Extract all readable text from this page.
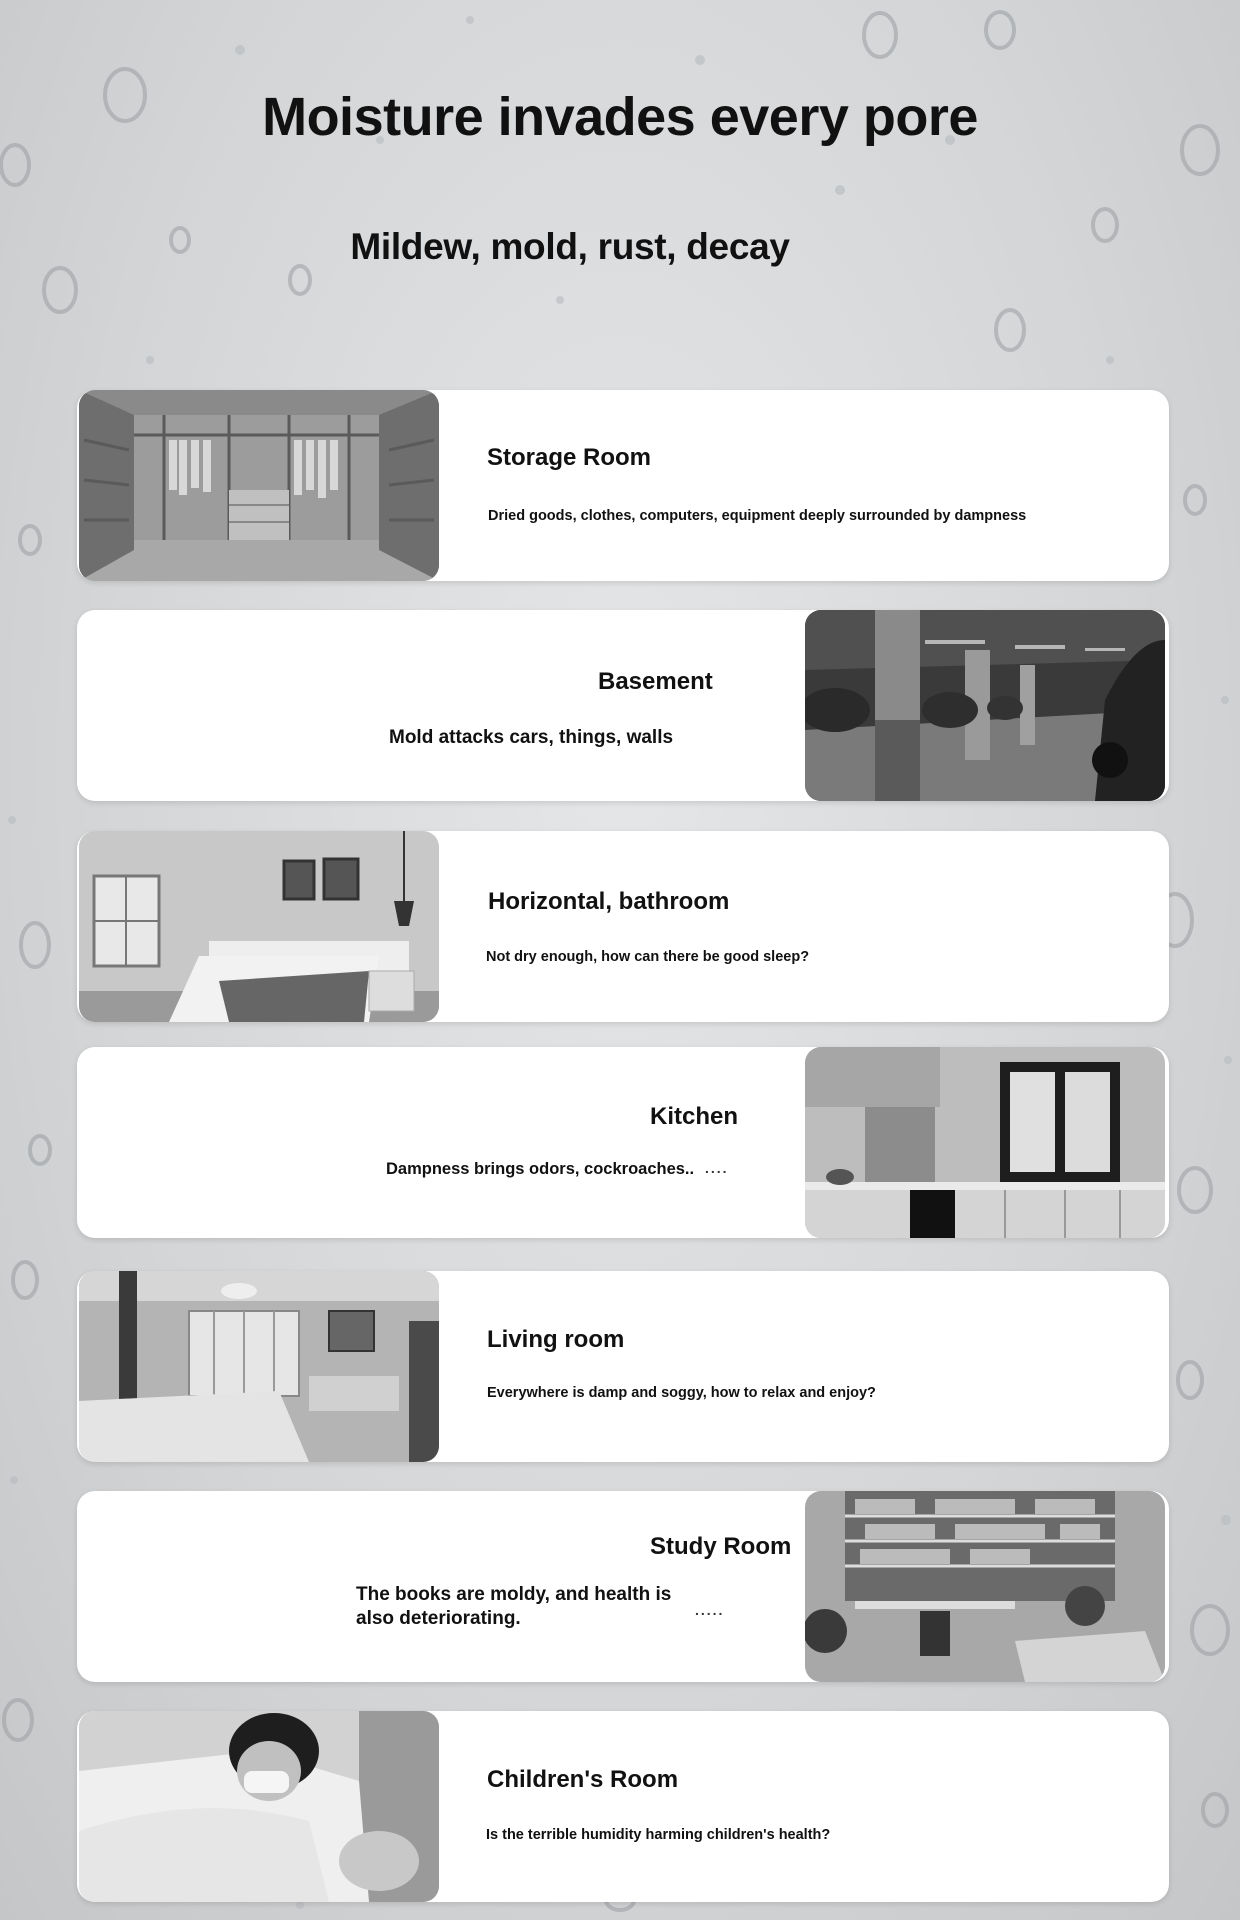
Moisture invades every pore
Mildew, mold, rust, decay
Storage Room
Dried goods, clothes, computers, equipment deeply surrounded by dampness
Basement
Mold attacks cars, things, walls
Horizontal, bathroom
Not dry enough, how can there be good sleep?
Kitchen
Dampness brings odors, cockroaches.. ....
Living room
Everywhere is damp and soggy, how to relax and enjoy?
Study Room
The books are moldy, and health is also deteriorating.	.....
Children's Room
Is the terrible humidity harming children's health?
